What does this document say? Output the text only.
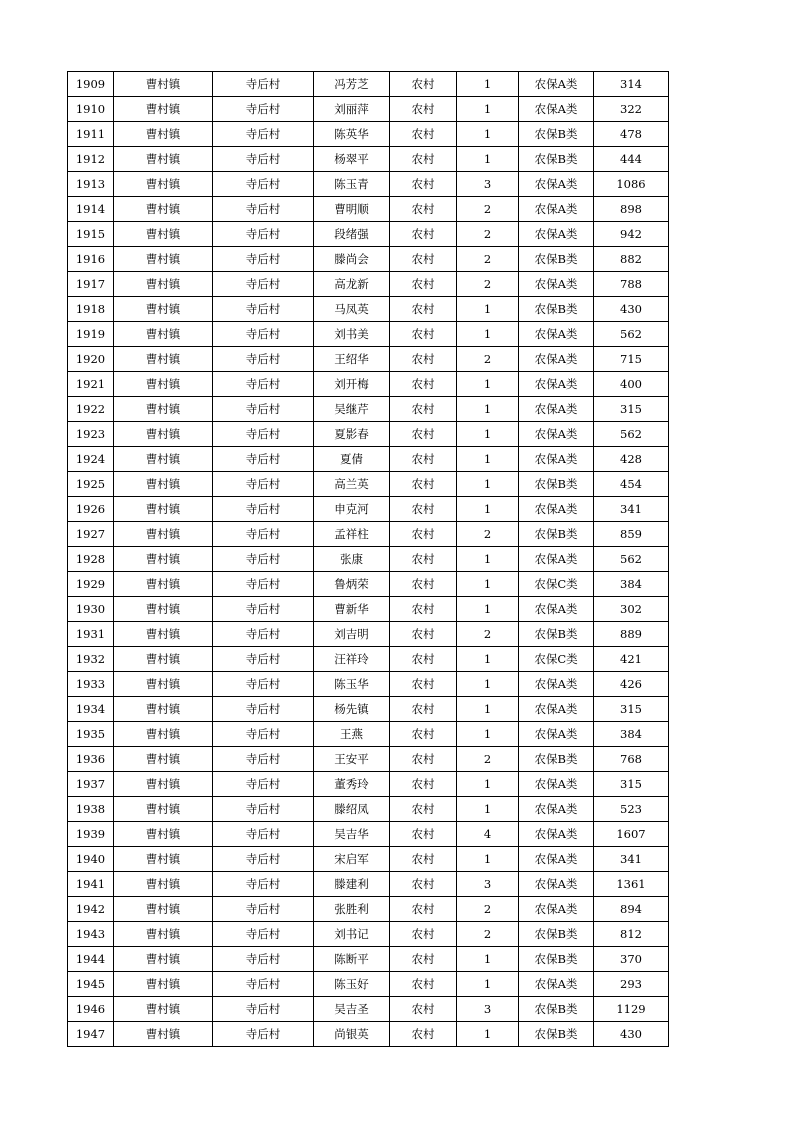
1909	曹村镇	寺后村	冯芳芝	农村	1	农保A类	314
1910	曹村镇	寺后村	刘丽萍	农村	1	农保A类	322
1911	曹村镇	寺后村	陈英华	农村	1	农保B类	478
1912	曹村镇	寺后村	杨翠平	农村	1	农保B类	444
1913	曹村镇	寺后村	陈玉青	农村	3	农保A类	1086
1914	曹村镇	寺后村	曹明顺	农村	2	农保A类	898
1915	曹村镇	寺后村	段绪强	农村	2	农保A类	942
1916	曹村镇	寺后村	滕尚会	农村	2	农保B类	882
1917	曹村镇	寺后村	高龙新	农村	2	农保A类	788
1918	曹村镇	寺后村	马凤英	农村	1	农保B类	430
1919	曹村镇	寺后村	刘书美	农村	1	农保A类	562
1920	曹村镇	寺后村	王绍华	农村	2	农保A类	715
1921	曹村镇	寺后村	刘开梅	农村	1	农保A类	400
1922	曹村镇	寺后村	吴继芹	农村	1	农保A类	315
1923	曹村镇	寺后村	夏影春	农村	1	农保A类	562
1924	曹村镇	寺后村	夏倩	农村	1	农保A类	428
1925	曹村镇	寺后村	高兰英	农村	1	农保B类	454
1926	曹村镇	寺后村	申克河	农村	1	农保A类	341
1927	曹村镇	寺后村	孟祥柱	农村	2	农保B类	859
1928	曹村镇	寺后村	张康	农村	1	农保A类	562
1929	曹村镇	寺后村	鲁炳荣	农村	1	农保C类	384
1930	曹村镇	寺后村	曹新华	农村	1	农保A类	302
1931	曹村镇	寺后村	刘吉明	农村	2	农保B类	889
1932	曹村镇	寺后村	汪祥玲	农村	1	农保C类	421
1933	曹村镇	寺后村	陈玉华	农村	1	农保A类	426
1934	曹村镇	寺后村	杨先镇	农村	1	农保A类	315
1935	曹村镇	寺后村	王燕	农村	1	农保A类	384
1936	曹村镇	寺后村	王安平	农村	2	农保B类	768
1937	曹村镇	寺后村	董秀玲	农村	1	农保A类	315
1938	曹村镇	寺后村	滕绍凤	农村	1	农保A类	523
1939	曹村镇	寺后村	吴吉华	农村	4	农保A类	1607
1940	曹村镇	寺后村	宋启军	农村	1	农保A类	341
1941	曹村镇	寺后村	滕建利	农村	3	农保A类	1361
1942	曹村镇	寺后村	张胜利	农村	2	农保A类	894
1943	曹村镇	寺后村	刘书记	农村	2	农保B类	812
1944	曹村镇	寺后村	陈断平	农村	1	农保B类	370
1945	曹村镇	寺后村	陈玉好	农村	1	农保A类	293
1946	曹村镇	寺后村	吴吉圣	农村	3	农保B类	1129
1947	曹村镇	寺后村	尚银英	农村	1	农保B类	430
